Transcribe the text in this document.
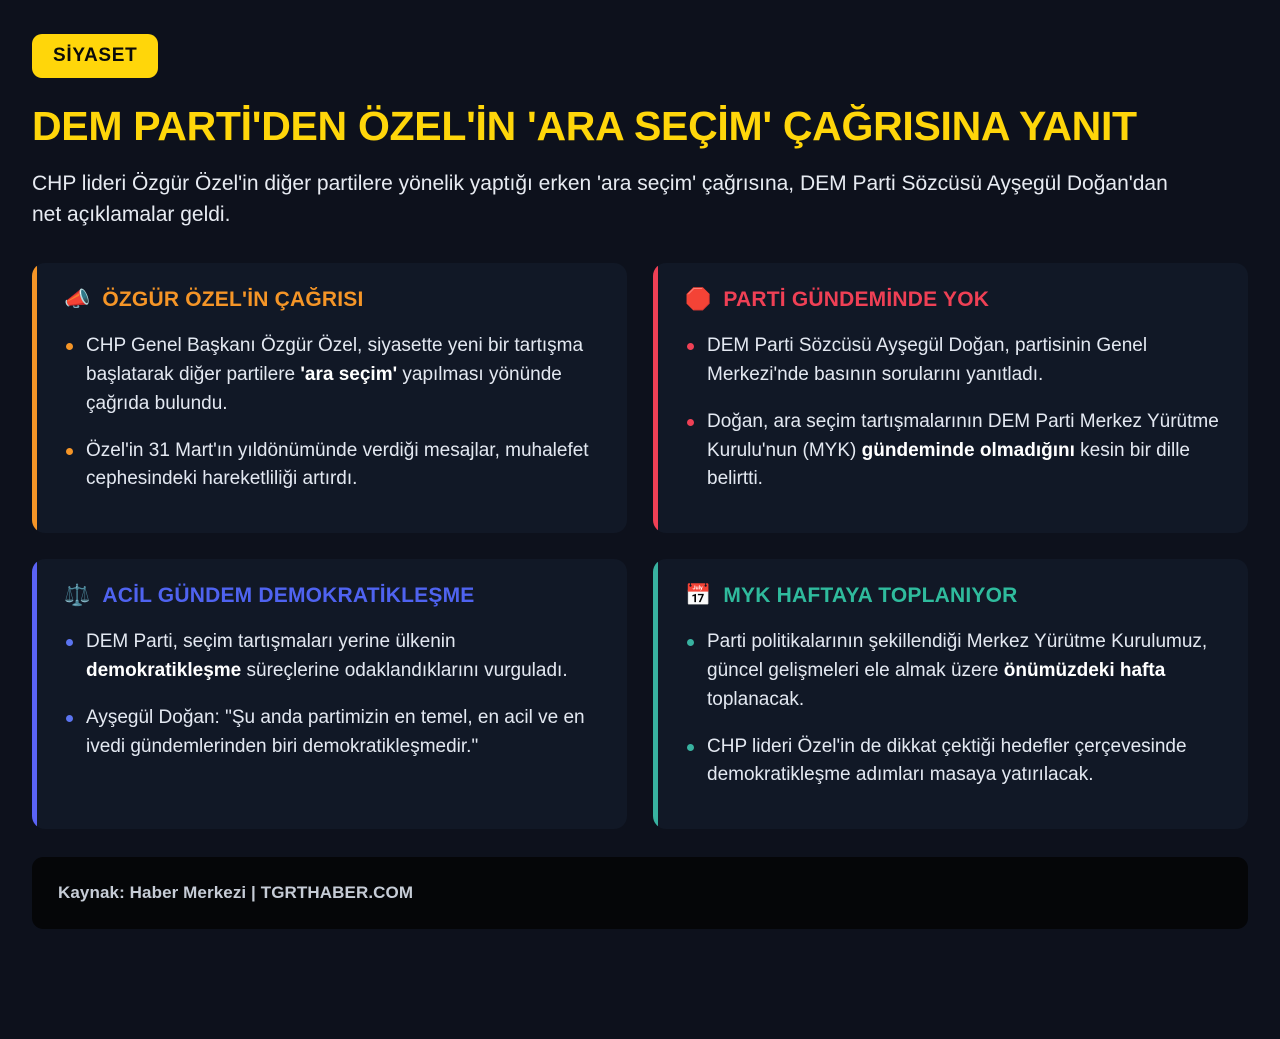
SİYASET
DEM PARTİ'DEN ÖZEL'İN 'ARA SEÇİM' ÇAĞRISINA YANIT

CHP lideri Özgür Özel'in diğer partilere yönelik yaptığı erken 'ara seçim' çağrısına, DEM Parti Sözcüsü Ayşegül Doğan'dan net açıklamalar geldi.

📣 ÖZGÜR ÖZEL'İN ÇAĞRISI
CHP Genel Başkanı Özgür Özel, siyasette yeni bir tartışma başlatarak diğer partilere 'ara seçim' yapılması yönünde çağrıda bulundu.
Özel'in 31 Mart'ın yıldönümünde verdiği mesajlar, muhalefet cephesindeki hareketliliği artırdı.
🛑 PARTİ GÜNDEMİNDE YOK
DEM Parti Sözcüsü Ayşegül Doğan, partisinin Genel Merkezi'nde basının sorularını yanıtladı.
Doğan, ara seçim tartışmalarının DEM Parti Merkez Yürütme Kurulu'nun (MYK) gündeminde olmadığını kesin bir dille belirtti.
⚖️ ACİL GÜNDEM DEMOKRATİKLEŞME
DEM Parti, seçim tartışmaları yerine ülkenin demokratikleşme süreçlerine odaklandıklarını vurguladı.
Ayşegül Doğan: "Şu anda partimizin en temel, en acil ve en ivedi gündemlerinden biri demokratikleşmedir."
📅 MYK HAFTAYA TOPLANIYOR
Parti politikalarının şekillendiği Merkez Yürütme Kurulumuz, güncel gelişmeleri ele almak üzere önümüzdeki hafta toplanacak.
CHP lideri Özel'in de dikkat çektiği hedefler çerçevesinde demokratikleşme adımları masaya yatırılacak.
Kaynak: Haber Merkezi | TGRTHABER.COM
